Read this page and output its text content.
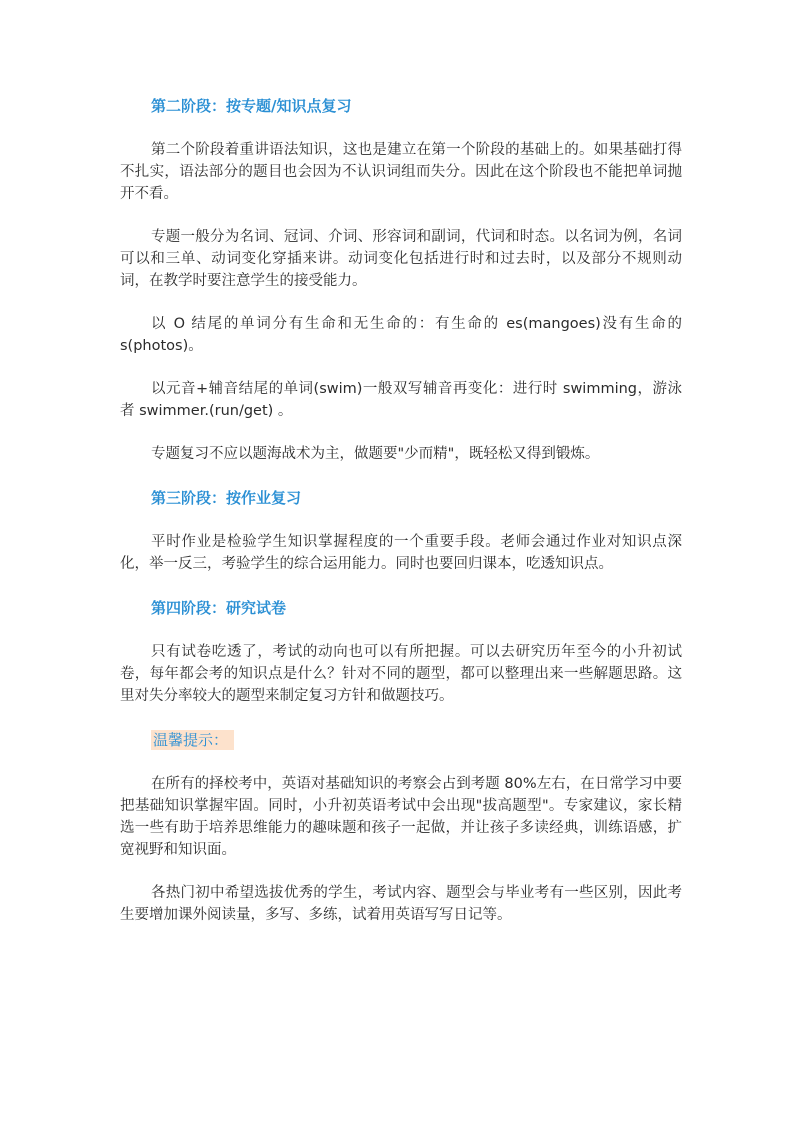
第二阶段：按专题/知识点复习

第二个阶段着重讲语法知识，这也是建立在第一个阶段的基础上的。如果基础打得不扎实，语法部分的题目也会因为不认识词组而失分。因此在这个阶段也不能把单词抛开不看。

专题一般分为名词、冠词、介词、形容词和副词，代词和时态。以名词为例，名词可以和三单、动词变化穿插来讲。动词变化包括进行时和过去时，以及部分不规则动词，在教学时要注意学生的接受能力。

以 O 结尾的单词分有生命和无生命的：有生命的 es(mangoes)没有生命的 s(photos)。

以元音+辅音结尾的单词(swim)一般双写辅音再变化：进行时 swimming，游泳者 swimmer.(run/get) 。

专题复习不应以题海战术为主，做题要"少而精"，既轻松又得到锻炼。

第三阶段：按作业复习

平时作业是检验学生知识掌握程度的一个重要手段。老师会通过作业对知识点深化，举一反三，考验学生的综合运用能力。同时也要回归课本，吃透知识点。

第四阶段：研究试卷

只有试卷吃透了，考试的动向也可以有所把握。可以去研究历年至今的小升初试卷，每年都会考的知识点是什么？针对不同的题型，都可以整理出来一些解题思路。这里对失分率较大的题型来制定复习方针和做题技巧。

温馨提示：

在所有的择校考中，英语对基础知识的考察会占到考题 80%左右，在日常学习中要把基础知识掌握牢固。同时，小升初英语考试中会出现"拔高题型"。专家建议，家长精选一些有助于培养思维能力的趣味题和孩子一起做，并让孩子多读经典，训练语感，扩宽视野和知识面。

各热门初中希望选拔优秀的学生，考试内容、题型会与毕业考有一些区别，因此考生要增加课外阅读量，多写、多练，试着用英语写写日记等。
